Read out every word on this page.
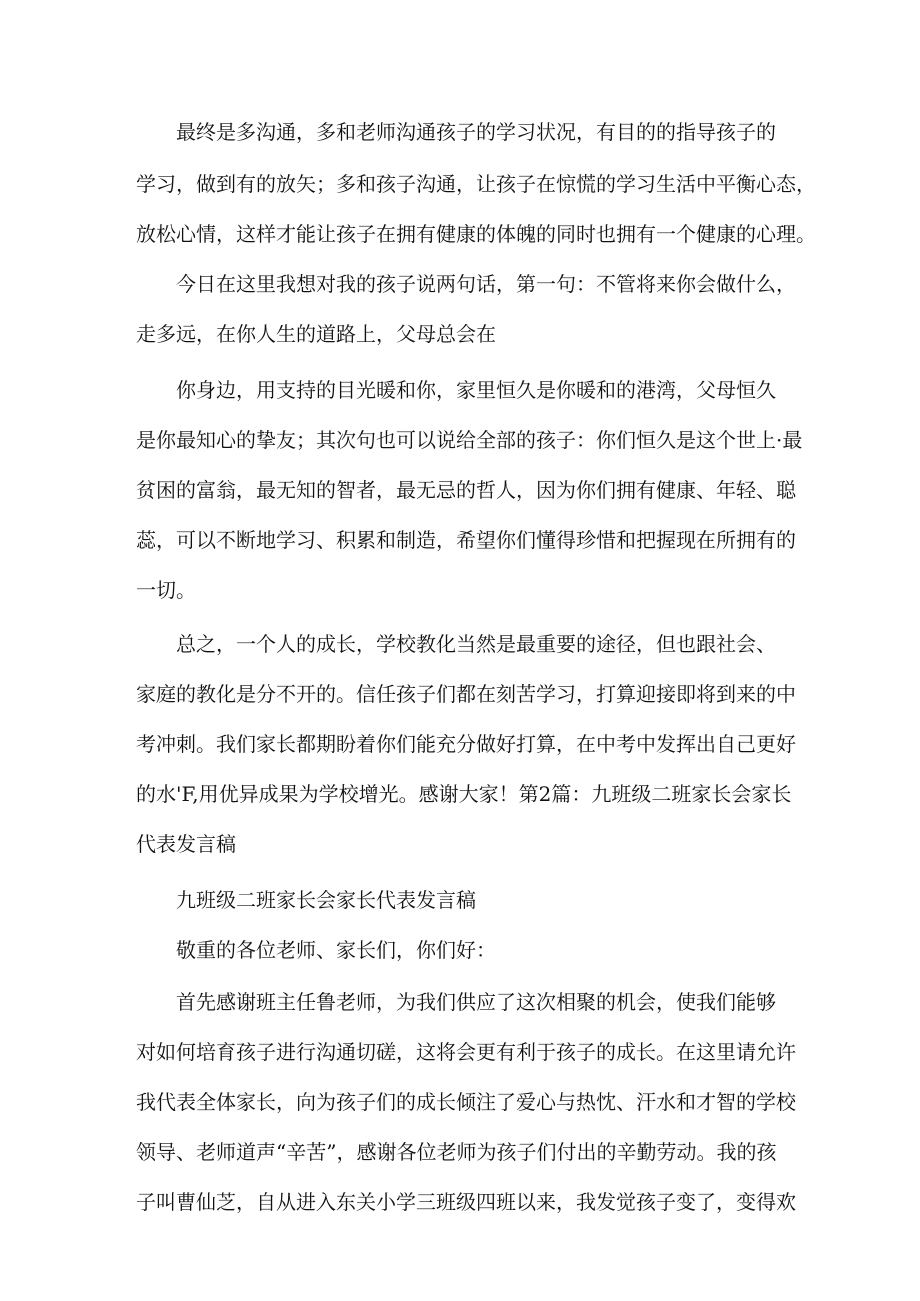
最终是多沟通，多和老师沟通孩子的学习状况，有目的的指导孩子的
学习，做到有的放矢；多和孩子沟通，让孩子在惊慌的学习生活中平衡心态，
放松心情，这样才能让孩子在拥有健康的体魄的同时也拥有一个健康的心理。
今日在这里我想对我的孩子说两句话，第一句：不管将来你会做什么，
走多远，在你人生的道路上，父母总会在
你身边，用支持的目光暖和你，家里恒久是你暖和的港湾，父母恒久
是你最知心的挚友；其次句也可以说给全部的孩子：你们恒久是这个世上·最
贫困的富翁，最无知的智者，最无忌的哲人，因为你们拥有健康、年轻、聪
蕊，可以不断地学习、积累和制造，希望你们懂得珍惜和把握现在所拥有的
一切。
总之，一个人的成长，学校教化当然是最重要的途径，但也跟社会、
家庭的教化是分不开的。信任孩子们都在刻苦学习，打算迎接即将到来的中
考冲刺。我们家长都期盼着你们能充分做好打算，在中考中发挥出自己更好
的水'F,用优异成果为学校增光。感谢大家！第2篇：九班级二班家长会家长
代表发言稿
九班级二班家长会家长代表发言稿
敬重的各位老师、家长们，你们好：
首先感谢班主任鲁老师，为我们供应了这次相聚的机会，使我们能够
对如何培育孩子进行沟通切磋，这将会更有利于孩子的成长。在这里请允许
我代表全体家长，向为孩子们的成长倾注了爱心与热忱、汗水和才智的学校
领导、老师道声“辛苦”，感谢各位老师为孩子们付出的辛勤劳动。我的孩
子叫曹仙芝，自从进入东关小学三班级四班以来，我发觉孩子变了，变得欢
